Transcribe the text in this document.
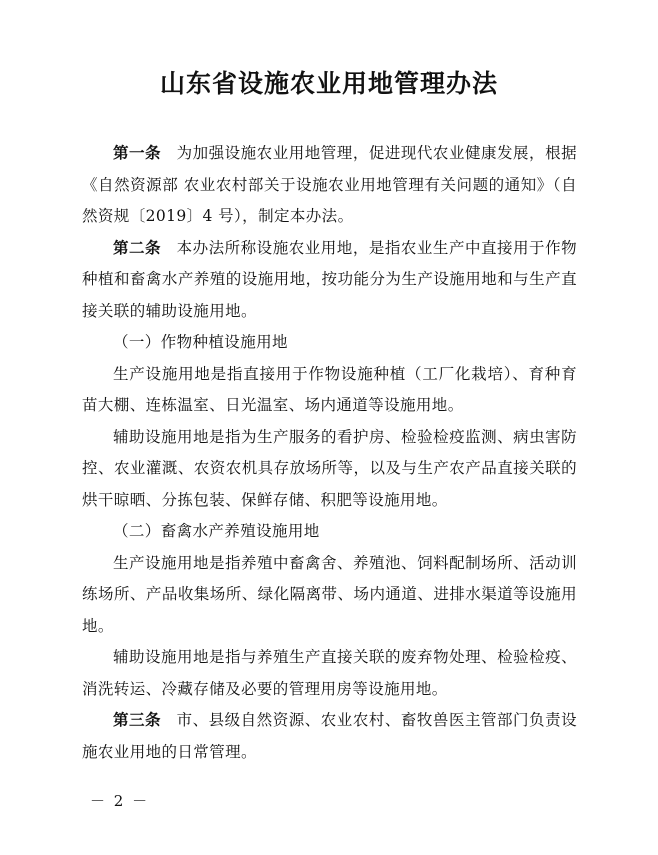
山东省设施农业用地管理办法

第一条 为加强设施农业用地管理，促进现代农业健康发展，根据《自然资源部 农业农村部关于设施农业用地管理有关问题的通知》（自然资规〔2019〕4 号），制定本办法。

第二条 本办法所称设施农业用地，是指农业生产中直接用于作物种植和畜禽水产养殖的设施用地，按功能分为生产设施用地和与生产直接关联的辅助设施用地。

（一）作物种植设施用地

生产设施用地是指直接用于作物设施种植（工厂化栽培）、育种育苗大棚、连栋温室、日光温室、场内通道等设施用地。

辅助设施用地是指为生产服务的看护房、检验检疫监测、病虫害防控、农业灌溉、农资农机具存放场所等，以及与生产农产品直接关联的烘干晾晒、分拣包装、保鲜存储、积肥等设施用地。

（二）畜禽水产养殖设施用地

生产设施用地是指养殖中畜禽舍、养殖池、饲料配制场所、活动训练场所、产品收集场所、绿化隔离带、场内通道、进排水渠道等设施用地。

辅助设施用地是指与养殖生产直接关联的废弃物处理、检验检疫、消洗转运、冷藏存储及必要的管理用房等设施用地。

第三条 市、县级自然资源、农业农村、畜牧兽医主管部门负责设施农业用地的日常管理。

－ 2 －
